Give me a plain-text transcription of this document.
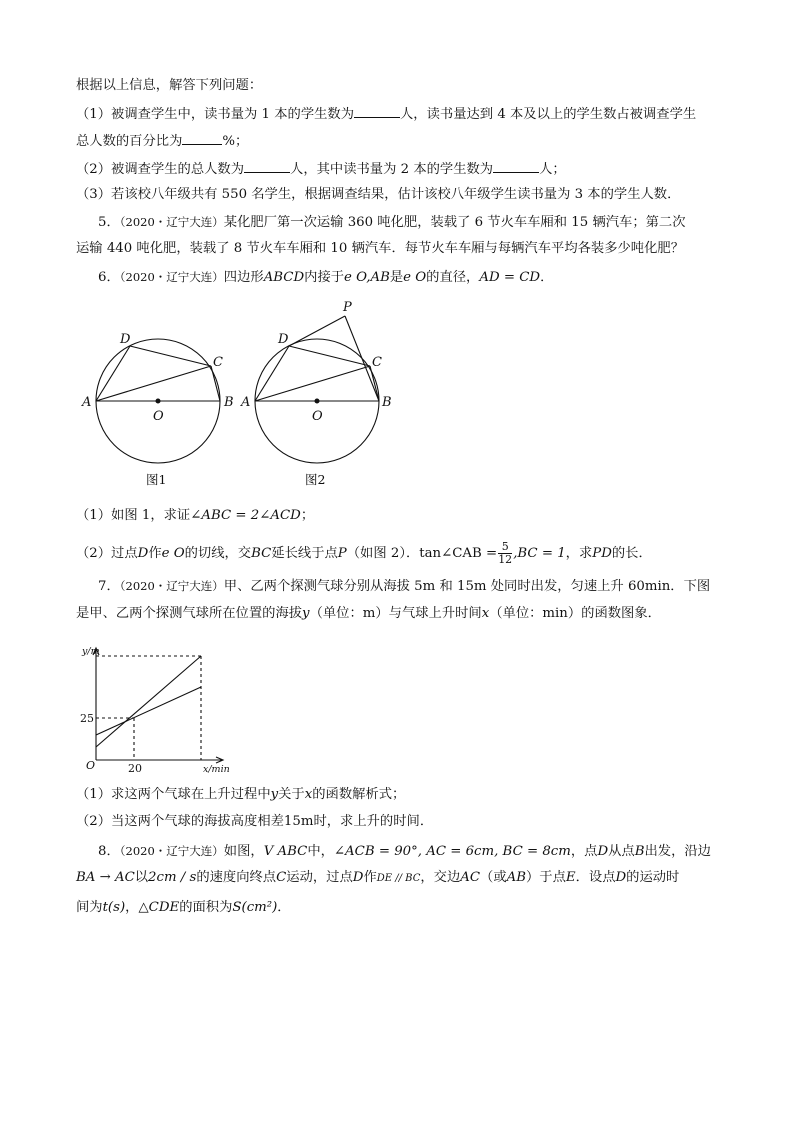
根据以上信息，解答下列问题：
（1）被调查学生中，读书量为 1 本的学生数为	人，读书量达到 4 本及以上的学生数占被调查学生
总人数的百分比为	%；
（2）被调查学生的总人数为	人，其中读书量为 2 本的学生数为	人；
（3）若该校八年级共有 550 名学生，根据调查结果，估计该校八年级学生读书量为 3 本的学生人数．
5．（2020・辽宁大连）某化肥厂第一次运输 360 吨化肥，装载了 6 节火车车厢和 15 辆汽车；第二次
运输 440 吨化肥，装载了 8 节火车车厢和 10 辆汽车．每节火车车厢与每辆汽车平均各装多少吨化肥？
6．（2020・辽宁大连）四边形ABCD内接于e O,AB是e O的直径，AD = CD．
A	B
C
D
O
图1
A	B
C
D
P
O
图2
（1）如图 1，求证∠ABC = 2∠ACD；
（2）过点D作e O的切线，交BC延长线于点P（如图 2）．tan∠CAB = $\frac{5}{12} ,BC = 1$，求PD的长．
7．（2020・辽宁大连）甲、乙两个探测气球分别从海拔 5m 和 15m 处同时出发，匀速上升 60min．下图
是甲、乙两个探测气球所在位置的海拔y（单位：m）与气球上升时间x（单位：min）的函数图象．
y/m
x/min
O
25
20
（1）求这两个气球在上升过程中y关于x的函数解析式；
（2）当这两个气球的海拔高度相差15m时，求上升的时间．
8．（2020・辽宁大连）如图，V ABC中，∠ACB = 90°, AC = 6cm, BC = 8cm，点D从点B出发，沿边
BA → AC以2cm / s的速度向终点C运动，过点D作DE // BC，交边AC（或AB）于点E．设点D的运动时
间为t(s)，△CDE的面积为S(cm²)．
